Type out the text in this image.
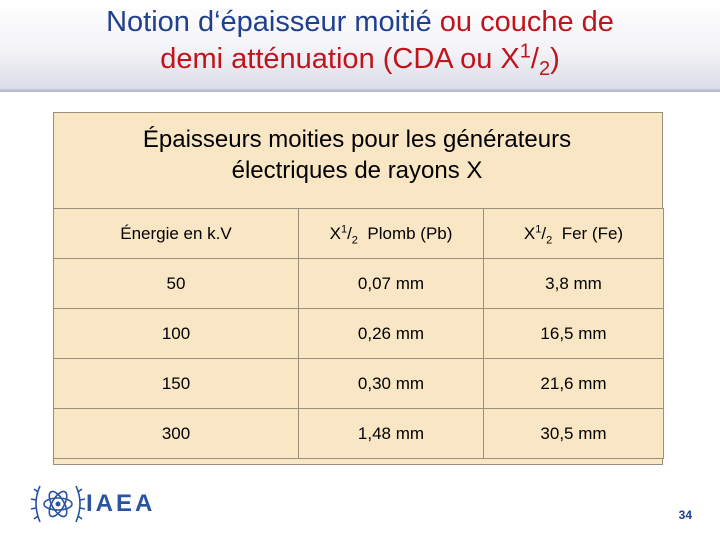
Notion d‘épaisseur moitié ou couche de
demi atténuation (CDA ou $X^1/_2$)
Épaisseurs moities pour les générateurs
électriques de rayons X
Énergie en k.V	$X^1/_2$ Plomb (Pb)	$X^1/_2$ Fer (Fe)
50	0,07 mm	3,8 mm
100	0,26 mm	16,5 mm
150	0,30 mm	21,6 mm
300	1,48 mm	30,5 mm
IAEA	34
